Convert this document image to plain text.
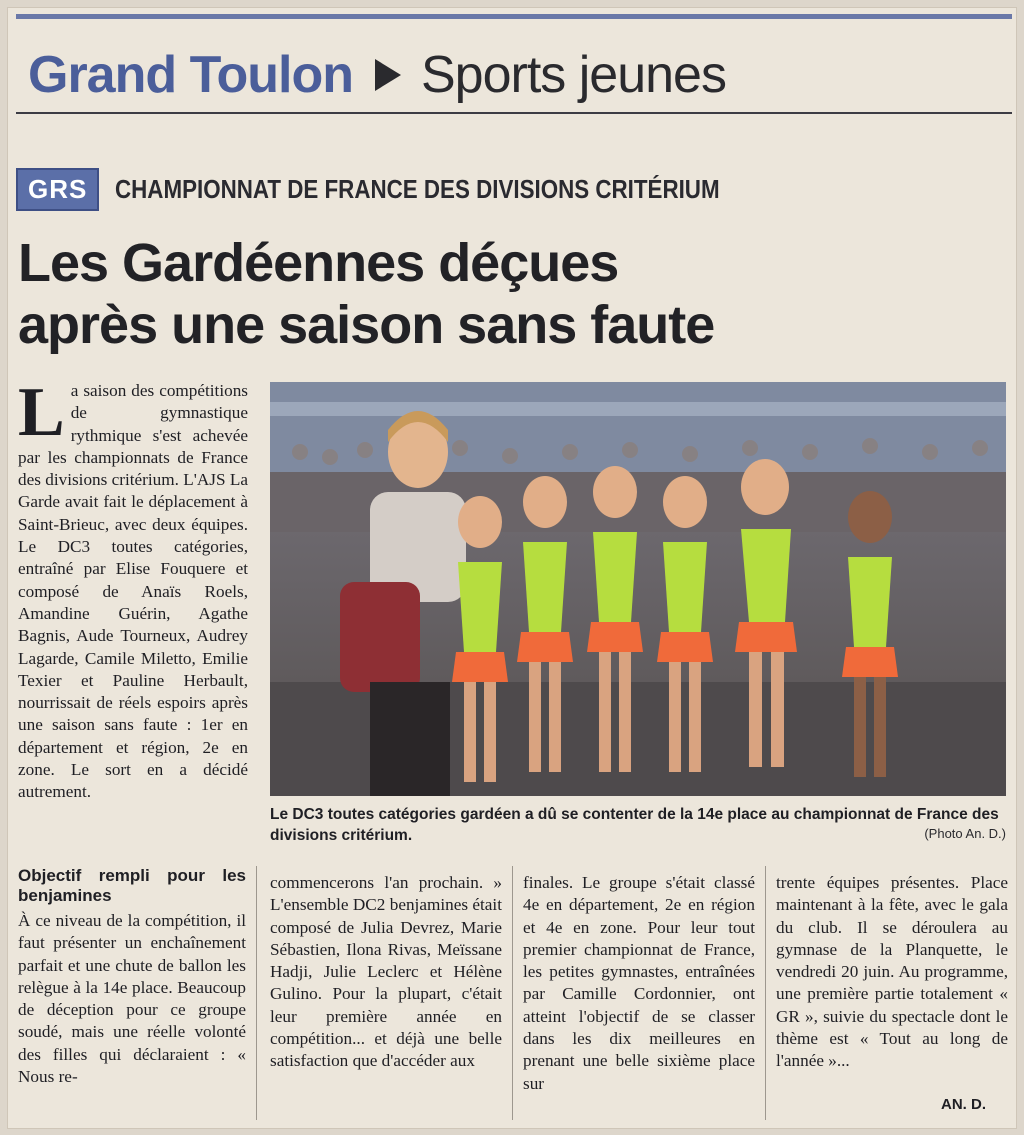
Grand Toulon Sports jeunes
GRS	CHAMPIONNAT DE FRANCE DES DIVISIONS CRITÉRIUM
Les Gardéennes déçues
après une saison sans faute

La saison des compétitions de gymnastique rythmique s'est achevée par les championnats de France des divisions critérium. L'AJS La Garde avait fait le déplacement à Saint-Brieuc, avec deux équipes. Le DC3 toutes catégories, entraîné par Elise Fouquere et composé de Anaïs Roels, Amandine Guérin, Agathe Bagnis, Aude Tourneux, Audrey Lagarde, Camile Miletto, Emilie Texier et Pauline Herbault, nourrissait de réels espoirs après une saison sans faute : 1er en département et région, 2e en zone. Le sort en a décidé autrement.

Le DC3 toutes catégories gardéen a dû se contenter de la 14e place au championnat de France des divisions critérium.	(Photo An. D.)
Objectif rempli pour les benjamines

À ce niveau de la compétition, il faut présenter un enchaînement parfait et une chute de ballon les relègue à la 14e place. Beaucoup de déception pour ce groupe soudé, mais une réelle volonté des filles qui déclaraient : « Nous re-

commencerons l'an prochain. » L'ensemble DC2 benjamines était composé de Julia Devrez, Marie Sébastien, Ilona Rivas, Meïssane Hadji, Julie Leclerc et Hélène Gulino. Pour la plupart, c'était leur première année en compétition... et déjà une belle satisfaction que d'accéder aux

finales. Le groupe s'était classé 4e en département, 2e en région et 4e en zone. Pour leur tout premier championnat de France, les petites gymnastes, entraînées par Camille Cordonnier, ont atteint l'objectif de se classer dans les dix meilleures en prenant une belle sixième place sur

trente équipes présentes. Place maintenant à la fête, avec le gala du club. Il se déroulera au gymnase de la Planquette, le vendredi 20 juin. Au programme, une première partie totalement « GR », suivie du spectacle dont le thème est « Tout au long de l'année »...

AN. D.
